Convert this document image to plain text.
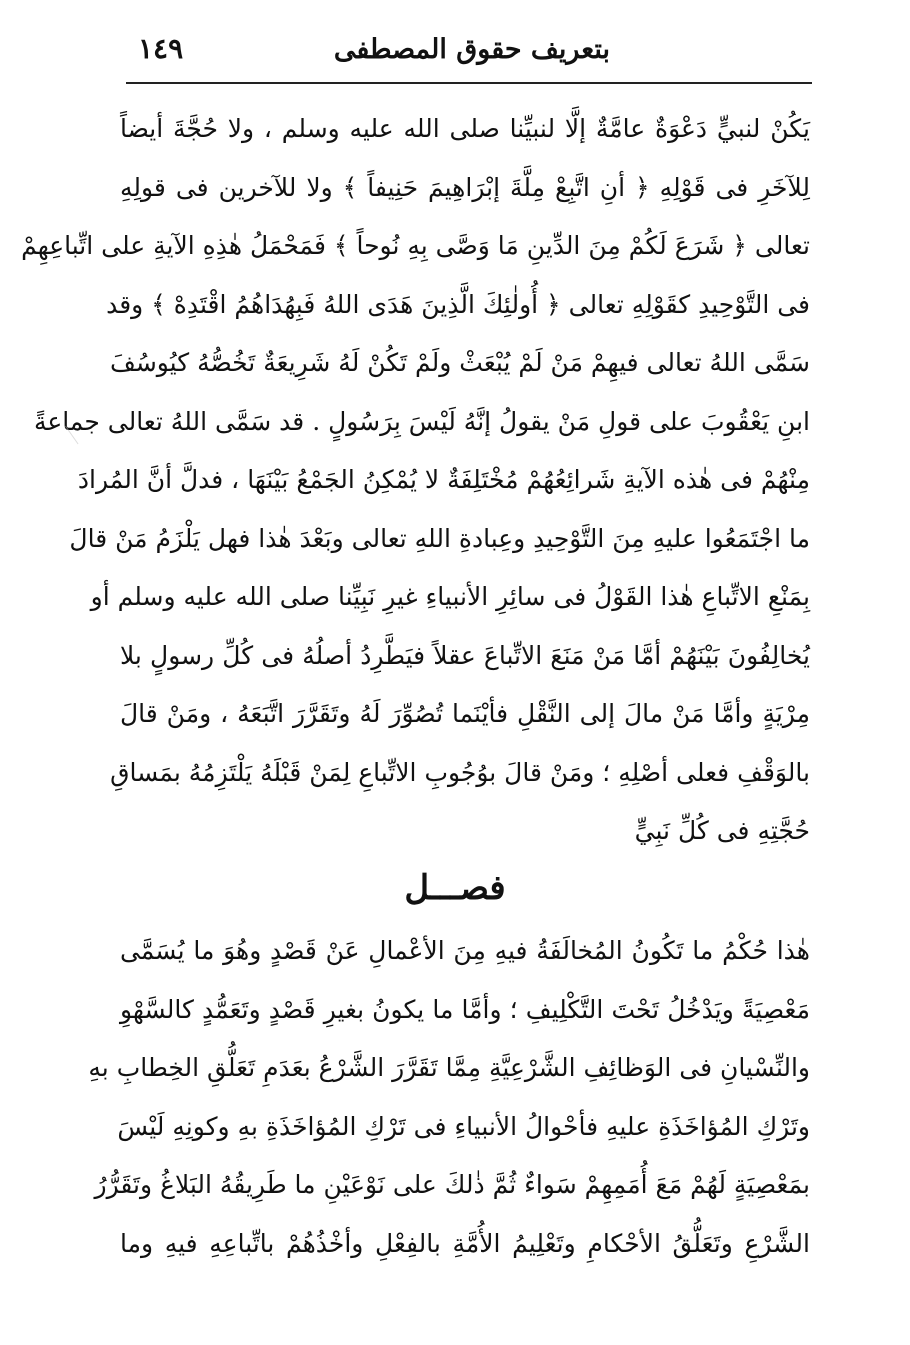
بتعريف حقوق المصطفى
١٤٩
يَكُنْ لنبيٍّ دَعْوَةٌ عامَّةٌ إلَّا لنبيِّنا صلى الله عليه وسلم ، ولا حُجَّةَ أيضاً
لِلآخَرِ فى قَوْلِهِ ﴿ أنِ اتَّبِعْ مِلَّةَ إبْرَاهِيمَ حَنِيفاً ﴾ ولا للآخرين فى قولِهِ
تعالى ﴿ شَرَعَ لَكُمْ مِنَ الدِّينِ مَا وَصَّى بِهِ نُوحاً ﴾ فَمَحْمَلُ هٰذِهِ الآيةِ على اتِّباعِهِمْ
فى التَّوْحِيدِ كقَوْلِهِ تعالى ﴿ أُولٰئِكَ الَّذِينَ هَدَى اللهُ فَبِهُدَاهُمُ اقْتَدِهْ ﴾ وقد
سَمَّى اللهُ تعالى فيهِمْ مَنْ لَمْ يُبْعَثْ ولَمْ تَكُنْ لَهُ شَرِيعَةٌ تَخُصُّهُ كيُوسُفَ
ابنِ يَعْقُوبَ على قولِ مَنْ يقولُ إنَّهُ لَيْسَ بِرَسُولٍ . قد سَمَّى اللهُ تعالى جماعةً
مِنْهُمْ فى هٰذه الآيةِ شَرائِعُهُمْ مُخْتَلِفَةٌ لا يُمْكِنُ الجَمْعُ بَيْنَهَا ، فدلَّ أنَّ المُرادَ
ما اجْتَمَعُوا عليهِ مِنَ التَّوْحِيدِ وعِبادةِ اللهِ تعالى وبَعْدَ هٰذا فهل يَلْزَمُ مَنْ قالَ
بِمَنْعِ الاتِّباعِ هٰذا القَوْلُ فى سائِرِ الأنبياءِ غيرِ نَبِيِّنا صلى الله عليه وسلم أو
يُخالِفُونَ بَيْنَهُمْ أمَّا مَنْ مَنَعَ الاتِّباعَ عقلاً فيَطَّرِدُ أصلُهُ فى كُلِّ رسولٍ بلا
مِرْيَةٍ وأمَّا مَنْ مالَ إلى النَّقْلِ فأيْنَما تُصُوِّرَ لَهُ وتَقَرَّرَ اتَّبَعَهُ ، ومَنْ قالَ
بالوَقْفِ فعلى أصْلِهِ ؛ ومَنْ قالَ بوُجُوبِ الاتِّباعِ لِمَنْ قَبْلَهُ يَلْتَزِمُهُ بمَساقِ
حُجَّتِهِ فى كُلِّ نَبِيٍّ
فصـــل
هٰذا حُكْمُ ما تَكُونُ المُخالَفَةُ فيهِ مِنَ الأعْمالِ عَنْ قَصْدٍ وهُوَ ما يُسَمَّى
مَعْصِيَةً ويَدْخُلُ تَحْتَ التَّكْلِيفِ ؛ وأمَّا ما يكونُ بغيرِ قَصْدٍ وتَعَمُّدٍ كالسَّهْوِ
والنِّسْيانِ فى الوَظائِفِ الشَّرْعِيَّةِ مِمَّا تَقَرَّرَ الشَّرْعُ بعَدَمِ تَعَلُّقِ الخِطابِ بهِ
وتَرْكِ المُؤاخَذَةِ عليهِ فأحْوالُ الأنبياءِ فى تَرْكِ المُؤاخَذَةِ بهِ وكونِهِ لَيْسَ
بمَعْصِيَةٍ لَهُمْ مَعَ أُمَمِهِمْ سَواءٌ ثُمَّ ذٰلكَ على نَوْعَيْنِ ما طَرِيقُهُ البَلاغُ وتَقَرُّرُ
الشَّرْعِ وتَعَلُّقُ الأحْكامِ وتَعْلِيمُ الأُمَّةِ بالفِعْلِ وأخْذُهُمْ باتِّباعِهِ فيهِ وما
